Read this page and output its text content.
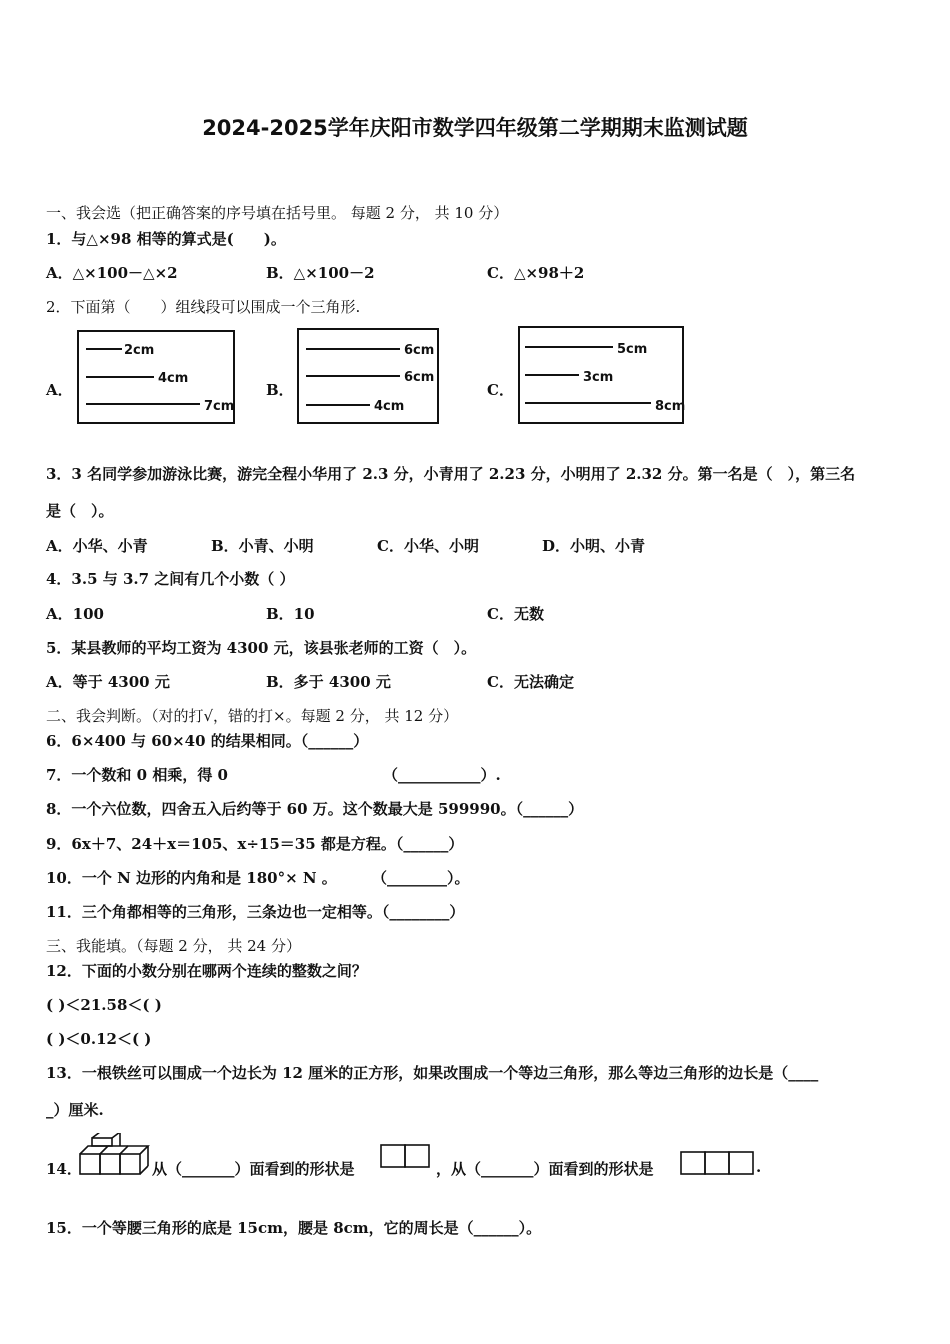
2024-2025学年庆阳市数学四年级第二学期期末监测试题
一、我会选（把正确答案的序号填在括号里。 每题 2 分， 共 10 分）
1．与△×98 相等的算式是(　　)。
A．△×100－△×2	B．△×100－2	C．△×98＋2
2．下面第（　　）组线段可以围成一个三角形.
A．
2cm
4cm
7cm
B．
6cm
6cm
4cm
C．
5cm
3cm
8cm
3．3 名同学参加游泳比赛，游完全程小华用了 2.3 分，小青用了 2.23 分，小明用了 2.32 分。第一名是（　），第三名
是（　）。
A．小华、小青	B．小青、小明	C．小华、小明	D．小明、小青
4．3.5 与 3.7 之间有几个小数（ ）
A．100	B．10	C．无数
5．某县教师的平均工资为 4300 元，该县张老师的工资（　）。
A．等于 4300 元	B．多于 4300 元	C．无法确定
二、我会判断。（对的打√，错的打×。每题 2 分， 共 12 分）
6．6×400 与 60×40 的结果相同。（______）
7．一个数和 0 相乘，得 0	（___________）.
8．一个六位数，四舍五入后约等于 60 万。这个数最大是 599990。（______）
9．6x＋7、24＋x＝105、x÷15＝35 都是方程。（______）
10．一个 N 边形的内角和是 180°× N 。 （________）。
11．三个角都相等的三角形，三条边也一定相等。（________）
三、我能填。（每题 2 分， 共 24 分）
12．下面的小数分别在哪两个连续的整数之间？
( )＜21.58＜( )
( )＜0.12＜( )
13．一根铁丝可以围成一个边长为 12 厘米的正方形，如果改围成一个等边三角形，那么等边三角形的边长是（____
_）厘米.
14．	从（_______）面看到的形状是	，从（_______）面看到的形状是	.
15．一个等腰三角形的底是 15cm，腰是 8cm，它的周长是（______）。
